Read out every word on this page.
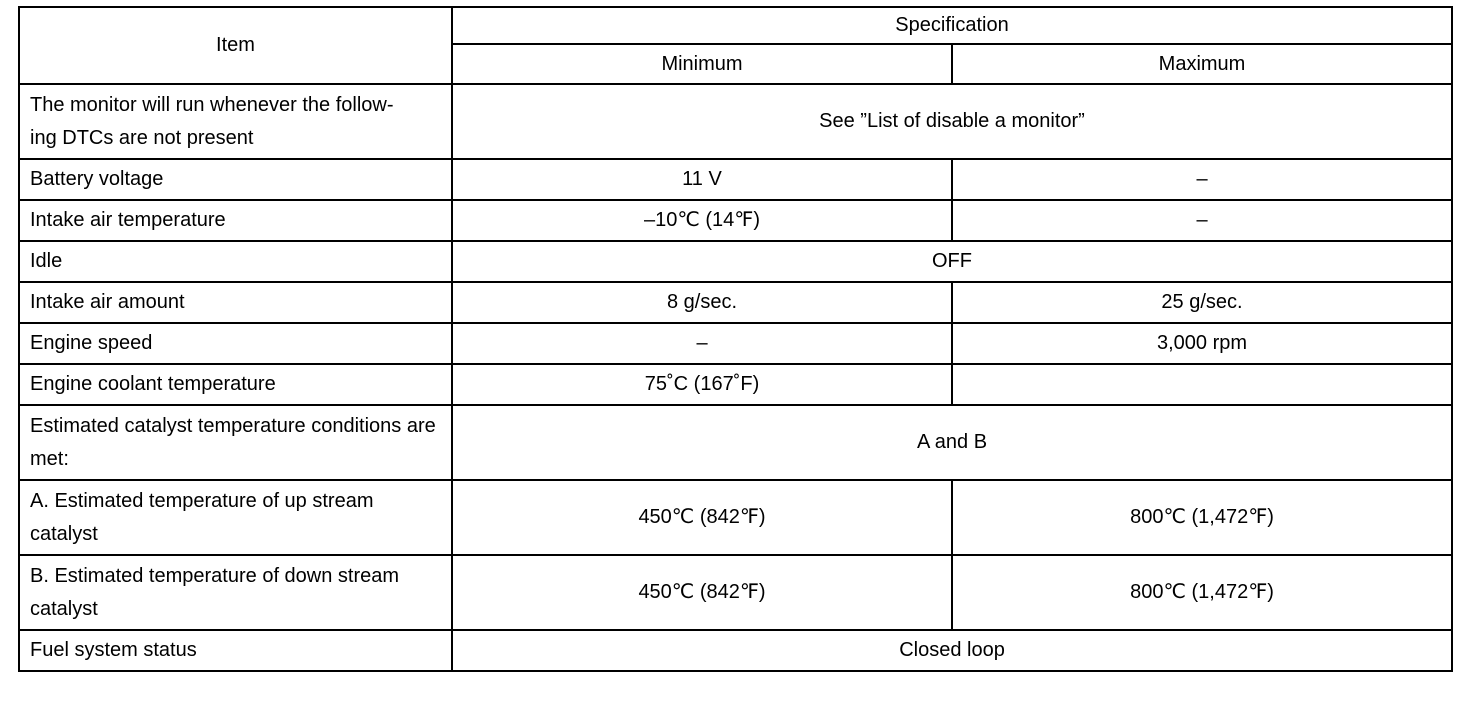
Item	Specification	
	Minimum	Maximum
The monitor will run whenever the follow-
ing DTCs are not present	See ”List of disable a monitor”	
Battery voltage	11 V	–
Intake air temperature	–10℃ (14℉)	–
Idle	OFF	
Intake air amount	8 g/sec.	25 g/sec.
Engine speed	–	3,000 rpm
Engine coolant temperature	75˚C (167˚F)	
Estimated catalyst temperature conditions are met:	A and B	
A. Estimated temperature of up stream catalyst	450℃ (842℉)	800℃ (1,472℉)
B. Estimated temperature of down stream catalyst	450℃ (842℉)	800℃ (1,472℉)
Fuel system status	Closed loop	
